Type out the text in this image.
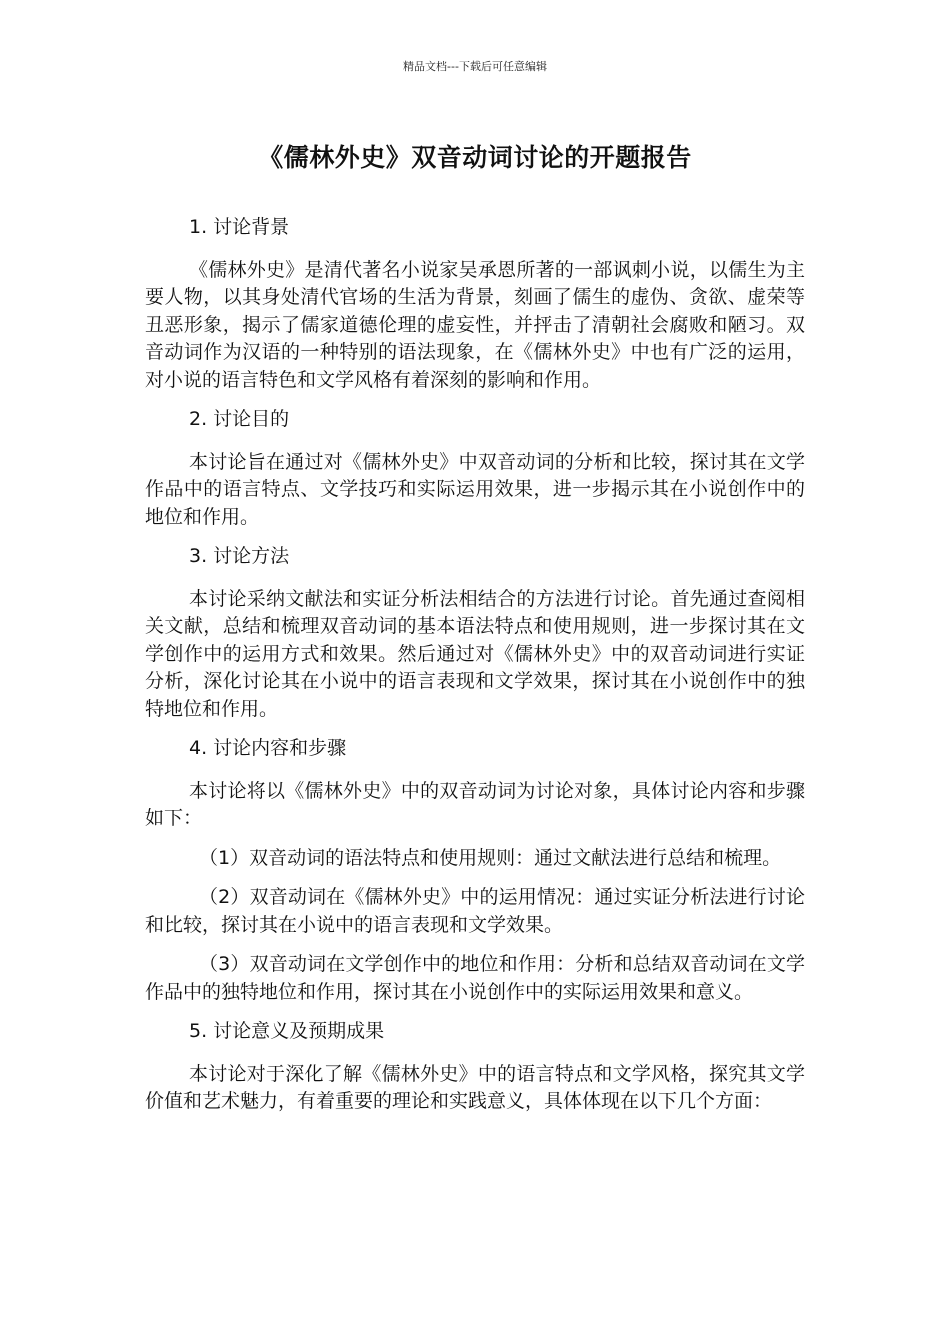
精品文档---下载后可任意编辑
《儒林外史》双音动词讨论的开题报告
1. 讨论背景
《儒林外史》是清代著名小说家吴承恩所著的一部讽刺小说，以儒生为主要人物，以其身处清代官场的生活为背景，刻画了儒生的虚伪、贪欲、虚荣等丑恶形象，揭示了儒家道德伦理的虚妄性，并抨击了清朝社会腐败和陋习。双音动词作为汉语的一种特别的语法现象，在《儒林外史》中也有广泛的运用，对小说的语言特色和文学风格有着深刻的影响和作用。
2. 讨论目的
本讨论旨在通过对《儒林外史》中双音动词的分析和比较，探讨其在文学作品中的语言特点、文学技巧和实际运用效果，进一步揭示其在小说创作中的地位和作用。
3. 讨论方法
本讨论采纳文献法和实证分析法相结合的方法进行讨论。首先通过查阅相关文献，总结和梳理双音动词的基本语法特点和使用规则，进一步探讨其在文学创作中的运用方式和效果。然后通过对《儒林外史》中的双音动词进行实证分析，深化讨论其在小说中的语言表现和文学效果，探讨其在小说创作中的独特地位和作用。
4. 讨论内容和步骤
本讨论将以《儒林外史》中的双音动词为讨论对象，具体讨论内容和步骤如下：
（1）双音动词的语法特点和使用规则：通过文献法进行总结和梳理。
（2）双音动词在《儒林外史》中的运用情况：通过实证分析法进行讨论和比较，探讨其在小说中的语言表现和文学效果。
（3）双音动词在文学创作中的地位和作用：分析和总结双音动词在文学作品中的独特地位和作用，探讨其在小说创作中的实际运用效果和意义。
5. 讨论意义及预期成果
本讨论对于深化了解《儒林外史》中的语言特点和文学风格，探究其文学价值和艺术魅力，有着重要的理论和实践意义，具体体现在以下几个方面：
